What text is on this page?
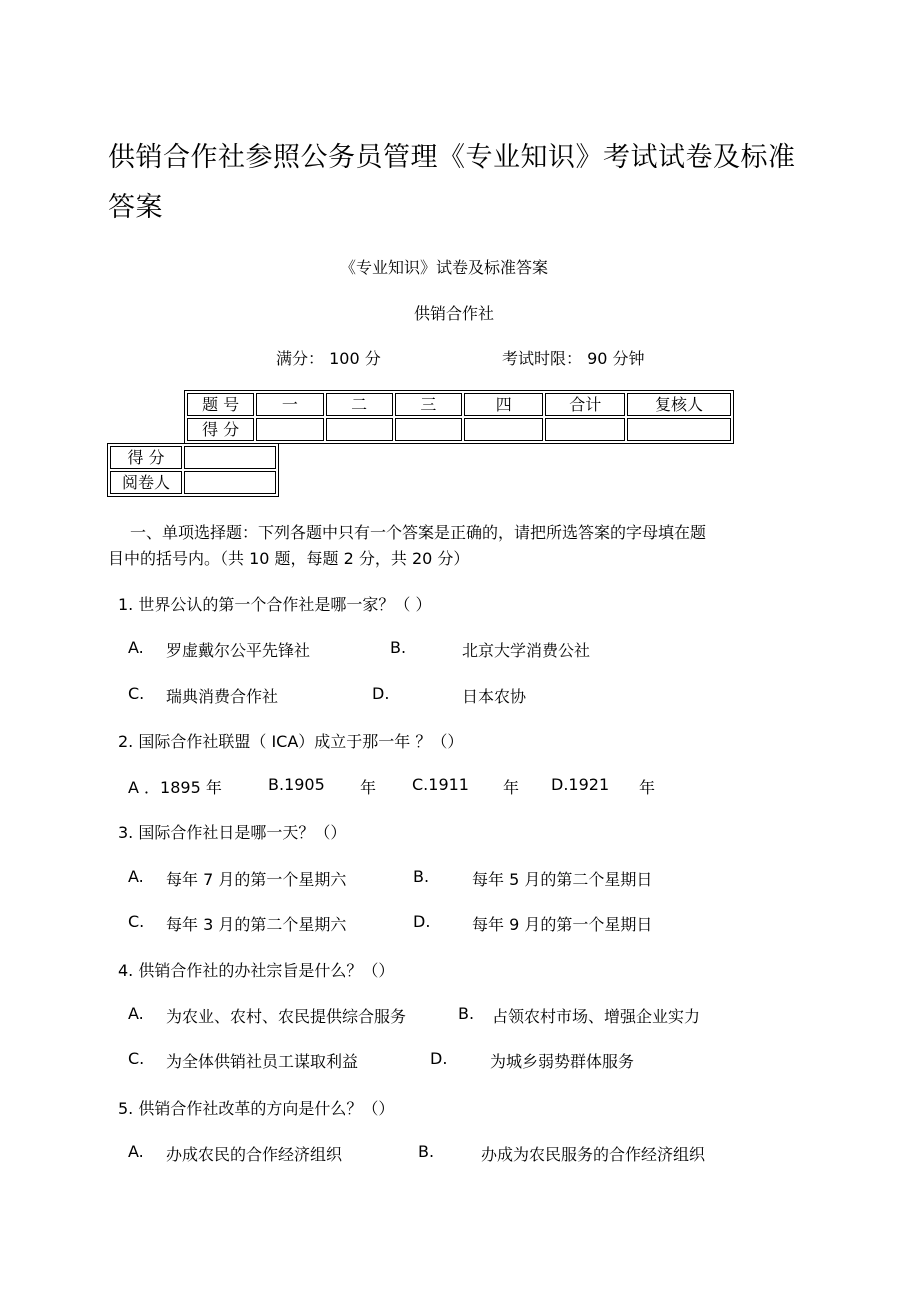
供销合作社参照公务员管理《专业知识》考试试卷及标准
答案
《专业知识》试卷及标准答案
供销合作社
满分： 100 分	考试时限： 90 分钟
题 号	一	二	三	四	合计	复核人
得 分						
得 分	
阅卷人	
一、单项选择题：下列各题中只有一个答案是正确的，请把所选答案的字母填在题
目中的括号内。（共 10 题，每题 2 分，共 20 分）
1. 世界公认的第一个合作社是哪一家？（ ）
A. 罗虚戴尔公平先锋社	B.	北京大学消费公社
C. 瑞典消费合作社	D.	日本农协
2. 国际合作社联盟（ ICA）成立于那一年 ？（）
A ．1895 年	B.1905 年 C.1911 年 D.1921 年
3. 国际合作社日是哪一天？（）
A. 每年 7 月的第一个星期六	B.	每年 5 月的第二个星期日
C. 每年 3 月的第二个星期六	D.	每年 9 月的第一个星期日
4. 供销合作社的办社宗旨是什么？（）
A. 为农业、农村、农民提供综合服务	B. 占领农村市场、增强企业实力
C. 为全体供销社员工谋取利益	D.	为城乡弱势群体服务
5. 供销合作社改革的方向是什么？（）
A. 办成农民的合作经济组织	B.	办成为农民服务的合作经济组织
